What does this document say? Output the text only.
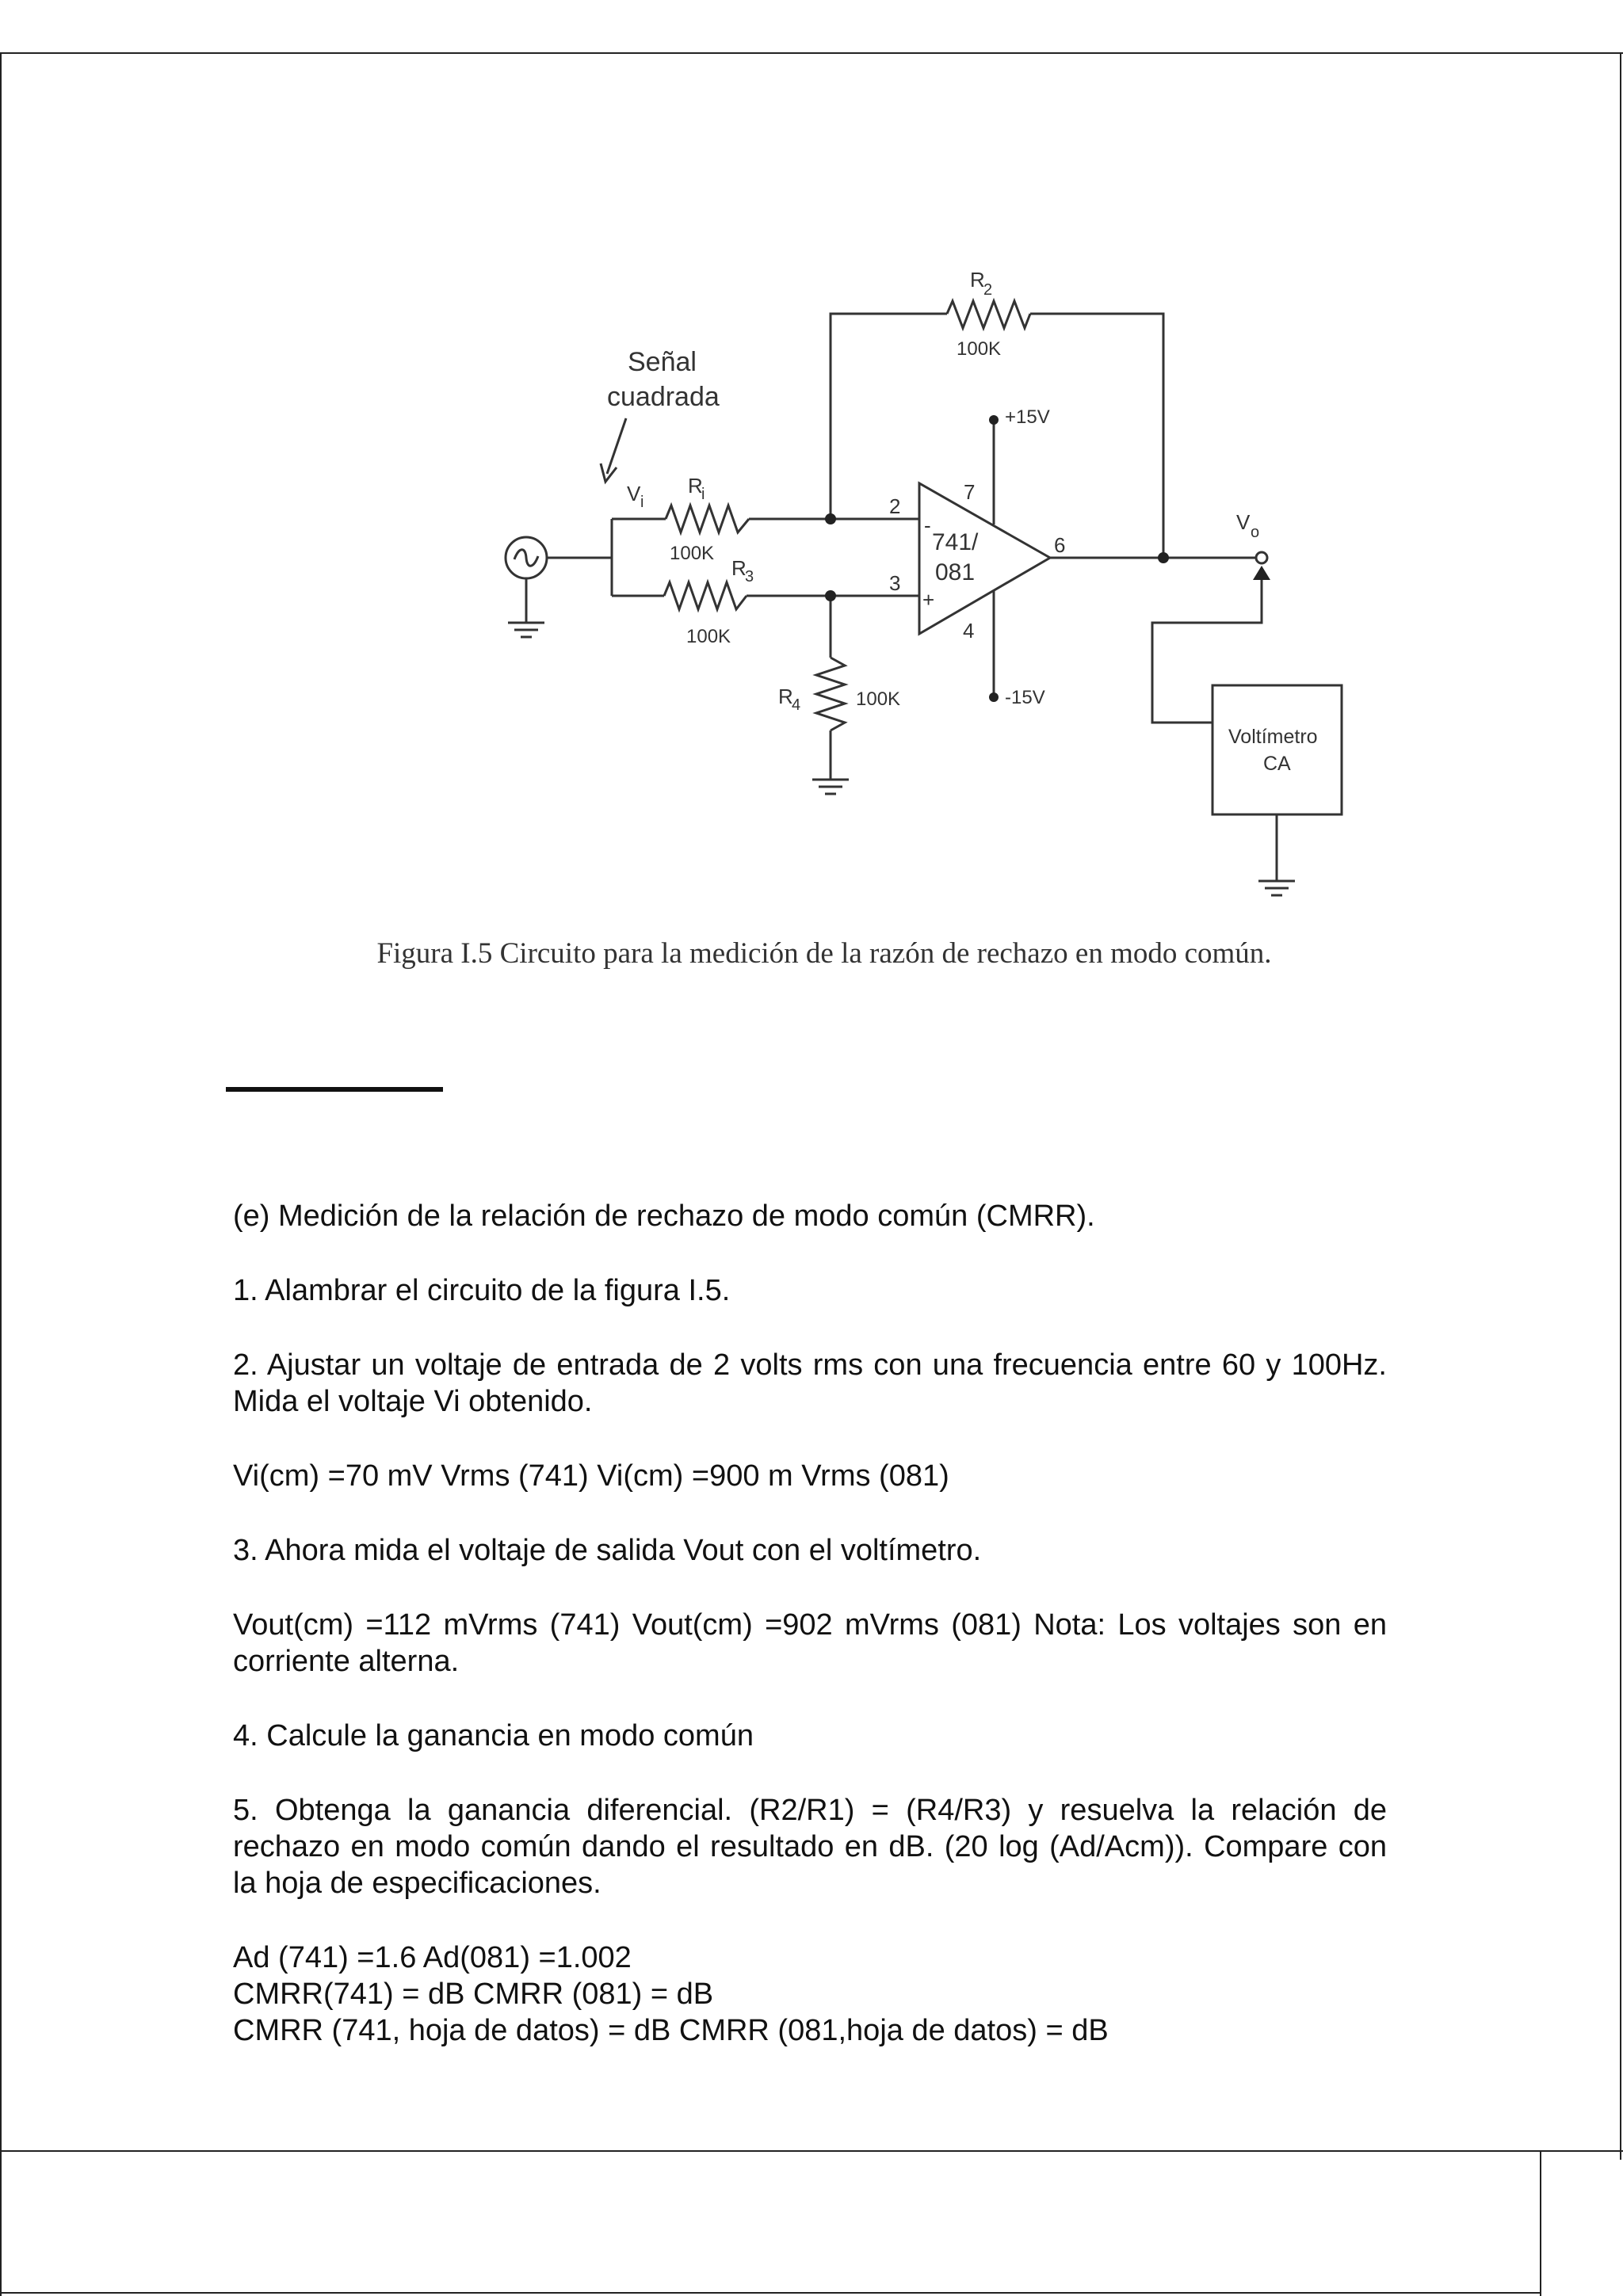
R
2
100K
Señal
cuadrada
V i
R
i
100K
R
3
100K
R
4	100K
+15V
-15V
741/
081
2
3
4
6
7
-
+
V o
Voltímetro
CA
Figura I.5 Circuito para la medición de la razón de rechazo en modo común.

(e) Medición de la relación de rechazo de modo común (CMRR).

1. Alambrar el circuito de la figura I.5.

2. Ajustar un voltaje de entrada de 2 volts rms con una frecuencia entre 60 y 100Hz. Mida el voltaje Vi obtenido.

Vi(cm) =70 mV Vrms (741) Vi(cm) =900 m Vrms (081)

3. Ahora mida el voltaje de salida Vout con el voltímetro.

Vout(cm) =112 mVrms (741) Vout(cm) =902 mVrms (081) Nota: Los voltajes son en corriente alterna.

4. Calcule la ganancia en modo común

5. Obtenga la ganancia diferencial. (R2/R1) = (R4/R3) y resuelva la relación de rechazo en modo común dando el resultado en dB. (20 log (Ad/Acm)). Compare con la hoja de especificaciones.

Ad (741) =1.6 Ad(081) =1.002

CMRR(741) = dB CMRR (081) = dB

CMRR (741, hoja de datos) = dB CMRR (081,hoja de datos) = dB
